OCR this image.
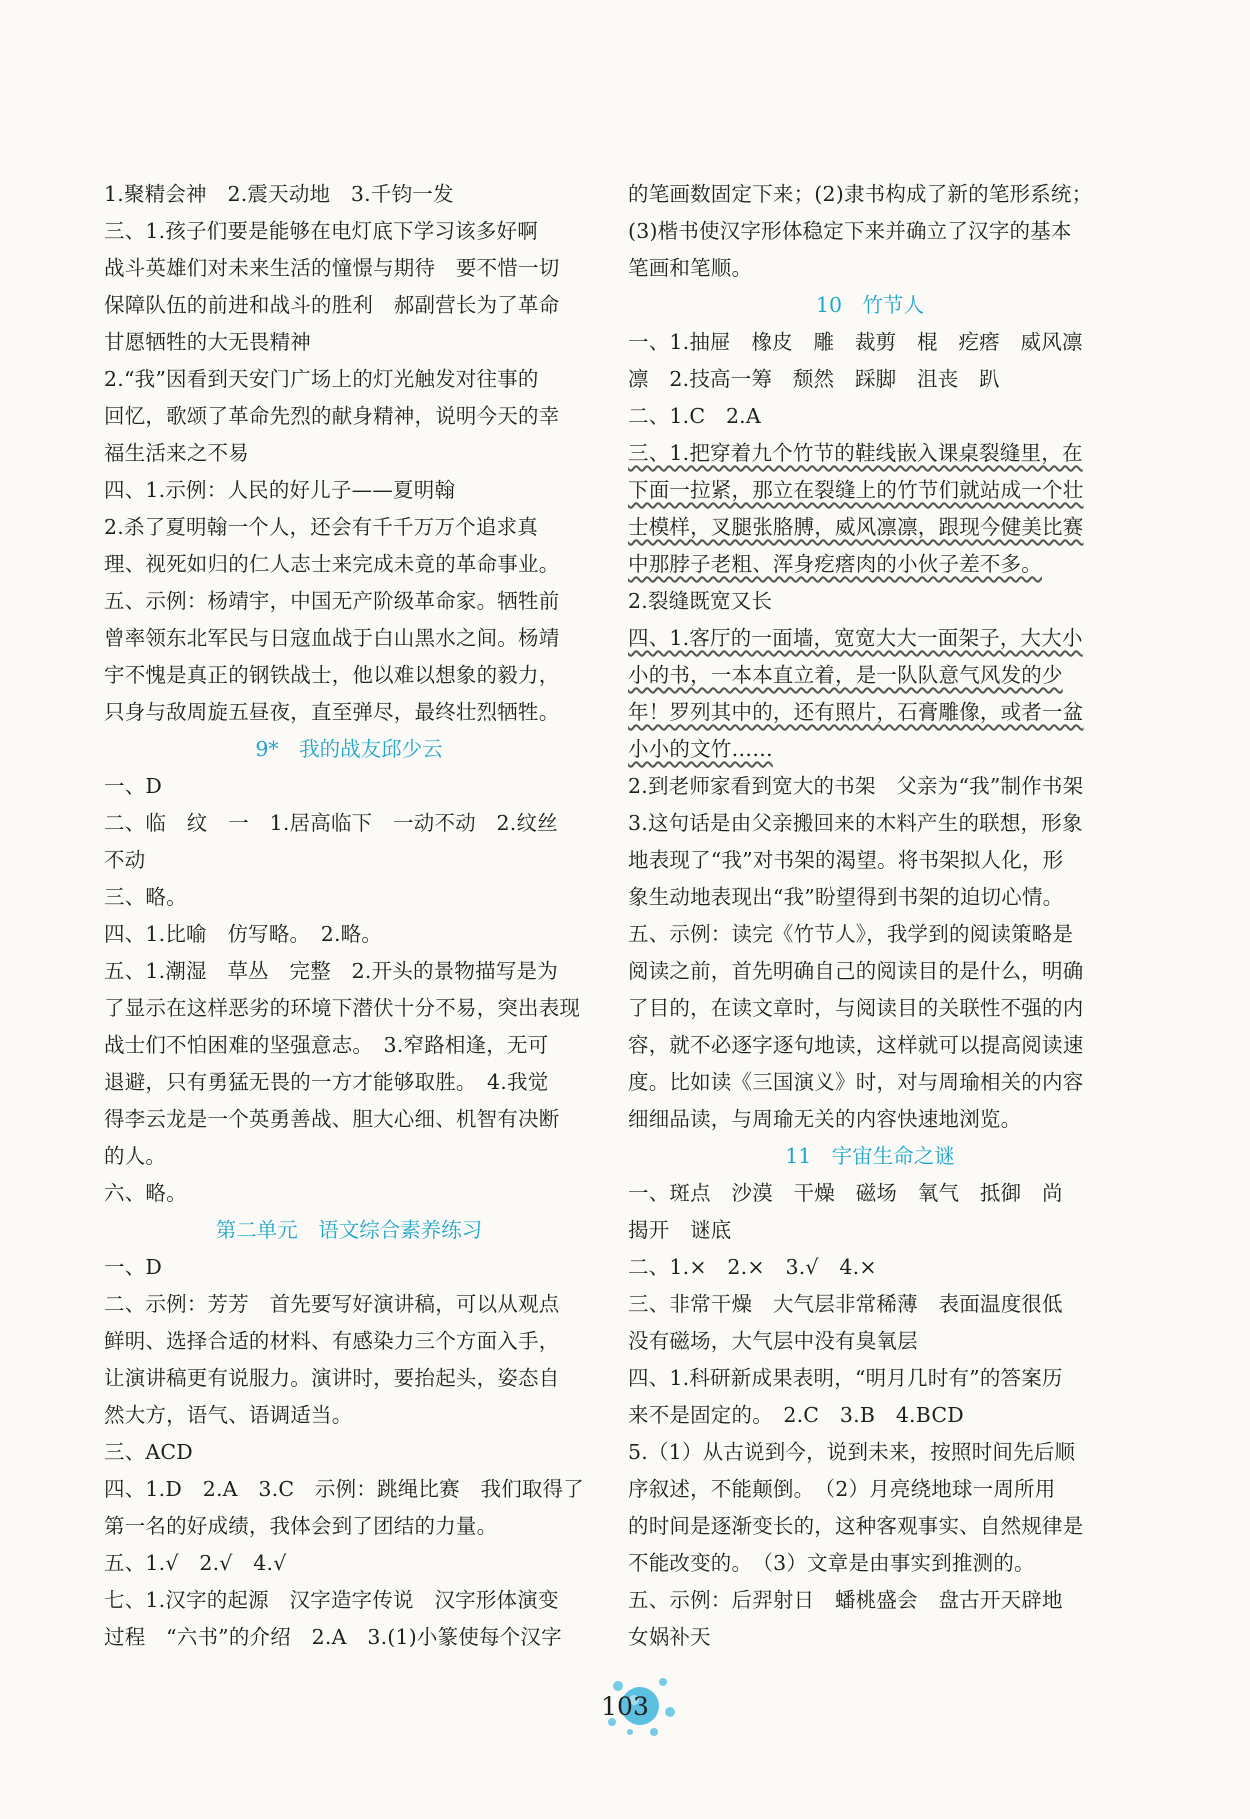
1.聚精会神　2.震天动地　3.千钧一发
三、1.孩子们要是能够在电灯底下学习该多好啊
战斗英雄们对未来生活的憧憬与期待　要不惜一切
保障队伍的前进和战斗的胜利　郝副营长为了革命
甘愿牺牲的大无畏精神
2.“我”因看到天安门广场上的灯光触发对往事的
回忆，歌颂了革命先烈的献身精神，说明今天的幸
福生活来之不易
四、1.示例：人民的好儿子——夏明翰
2.杀了夏明翰一个人，还会有千千万万个追求真
理、视死如归的仁人志士来完成未竟的革命事业。
五、示例：杨靖宇，中国无产阶级革命家。牺牲前
曾率领东北军民与日寇血战于白山黑水之间。杨靖
宇不愧是真正的钢铁战士，他以难以想象的毅力，
只身与敌周旋五昼夜，直至弹尽，最终壮烈牺牲。
9*　我的战友邱少云
一、D
二、临　纹　一　1.居高临下　一动不动　2.纹丝
不动
三、略。
四、1.比喻　仿写略。　2.略。
五、1.潮湿　草丛　完整　2.开头的景物描写是为
了显示在这样恶劣的环境下潜伏十分不易，突出表现
战士们不怕困难的坚强意志。　3.窄路相逢，无可
退避，只有勇猛无畏的一方才能够取胜。　4.我觉
得李云龙是一个英勇善战、胆大心细、机智有决断
的人。
六、略。
第二单元　语文综合素养练习
一、D
二、示例：芳芳　首先要写好演讲稿，可以从观点
鲜明、选择合适的材料、有感染力三个方面入手，
让演讲稿更有说服力。演讲时，要抬起头，姿态自
然大方，语气、语调适当。
三、ACD
四、1.D　2.A　3.C　示例：跳绳比赛　我们取得了
第一名的好成绩，我体会到了团结的力量。
五、1.√　2.√　4.√
七、1.汉字的起源　汉字造字传说　汉字形体演变
过程　“六书”的介绍　2.A　3.(1)小篆使每个汉字
的笔画数固定下来；(2)隶书构成了新的笔形系统；
(3)楷书使汉字形体稳定下来并确立了汉字的基本
笔画和笔顺。
10　竹节人
一、1.抽屉　橡皮　雕　裁剪　棍　疙瘩　威风凛
凛　2.技高一筹　颓然　踩脚　沮丧　趴
二、1.C　2.A
三、1.把穿着九个竹节的鞋线嵌入课桌裂缝里，在
下面一拉紧，那立在裂缝上的竹节们就站成一个壮
士模样，叉腿张胳膊，威风凛凛，跟现今健美比赛
中那脖子老粗、浑身疙瘩肉的小伙子差不多。
2.裂缝既宽又长
四、1.客厅的一面墙，宽宽大大一面架子，大大小
小的书，一本本直立着，是一队队意气风发的少
年！罗列其中的，还有照片，石膏雕像，或者一盆
小小的文竹……
2.到老师家看到宽大的书架　父亲为“我”制作书架
3.这句话是由父亲搬回来的木料产生的联想，形象
地表现了“我”对书架的渴望。将书架拟人化，形
象生动地表现出“我”盼望得到书架的迫切心情。
五、示例：读完《竹节人》，我学到的阅读策略是
阅读之前，首先明确自己的阅读目的是什么，明确
了目的，在读文章时，与阅读目的关联性不强的内
容，就不必逐字逐句地读，这样就可以提高阅读速
度。比如读《三国演义》时，对与周瑜相关的内容
细细品读，与周瑜无关的内容快速地浏览。
11　宇宙生命之谜
一、斑点　沙漠　干燥　磁场　氧气　抵御　尚
揭开　谜底
二、1.×　2.×　3.√　4.×
三、非常干燥　大气层非常稀薄　表面温度很低
没有磁场，大气层中没有臭氧层
四、1.科研新成果表明，“明月几时有”的答案历
来不是固定的。　2.C　3.B　4.BCD
5.（1）从古说到今，说到未来，按照时间先后顺
序叙述，不能颠倒。　（2）月亮绕地球一周所用
的时间是逐渐变长的，这种客观事实、自然规律是
不能改变的。　（3）文章是由事实到推测的。
五、示例：后羿射日　蟠桃盛会　盘古开天辟地
女娲补天
103
